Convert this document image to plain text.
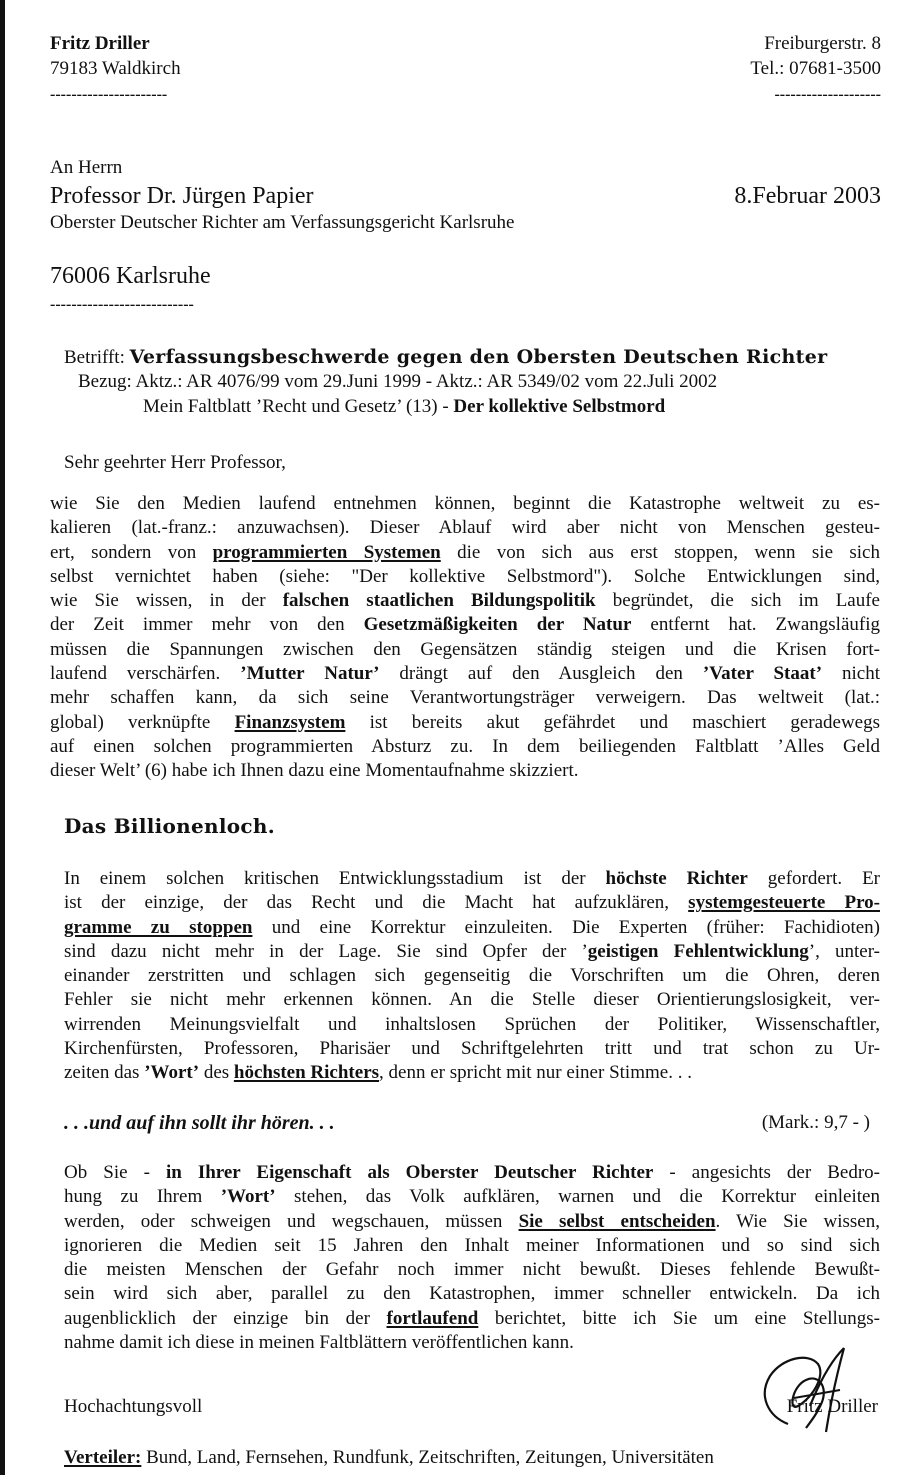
Fritz Driller
79183 Waldkirch
----------------------
Freiburgerstr. 8
Tel.: 07681-3500
--------------------
An Herrn
Professor Dr. Jürgen Papier
Oberster Deutscher Richter am Verfassungsgericht Karlsruhe
8.Februar 2003
76006 Karlsruhe
---------------------------
Betrifft: Verfassungsbeschwerde gegen den Obersten Deutschen Richter
Bezug: Aktz.: AR 4076/99 vom 29.Juni 1999 - Aktz.: AR 5349/02 vom 22.Juli 2002
Mein Faltblatt ’Recht und Gesetz’ (13) - Der kollektive Selbstmord
Sehr geehrter Herr Professor,
wie Sie den Medien laufend entnehmen können, beginnt die Katastrophe weltweit zu es-
kalieren (lat.-franz.: anzuwachsen). Dieser Ablauf wird aber nicht von Menschen gesteu-
ert, sondern von programmierten Systemen die von sich aus erst stoppen, wenn sie sich
selbst vernichtet haben (siehe: "Der kollektive Selbstmord"). Solche Entwicklungen sind,
wie Sie wissen, in der falschen staatlichen Bildungspolitik begründet, die sich im Laufe
der Zeit immer mehr von den Gesetzmäßigkeiten der Natur entfernt hat. Zwangsläufig
müssen die Spannungen zwischen den Gegensätzen ständig steigen und die Krisen fort-
laufend verschärfen. ’Mutter Natur’ drängt auf den Ausgleich den ’Vater Staat’ nicht
mehr schaffen kann, da sich seine Verantwortungsträger verweigern. Das weltweit (lat.:
global) verknüpfte Finanzsystem ist bereits akut gefährdet und maschiert geradewegs
auf einen solchen programmierten Absturz zu. In dem beiliegenden Faltblatt ’Alles Geld
dieser Welt’ (6) habe ich Ihnen dazu eine Momentaufnahme skizziert.
Das Billionenloch.
In einem solchen kritischen Entwicklungsstadium ist der höchste Richter gefordert. Er
ist der einzige, der das Recht und die Macht hat aufzuklären, systemgesteuerte Pro-
gramme zu stoppen und eine Korrektur einzuleiten. Die Experten (früher: Fachidioten)
sind dazu nicht mehr in der Lage. Sie sind Opfer der ’geistigen Fehlentwicklung’, unter-
einander zerstritten und schlagen sich gegenseitig die Vorschriften um die Ohren, deren
Fehler sie nicht mehr erkennen können. An die Stelle dieser Orientierungslosigkeit, ver-
wirrenden Meinungsvielfalt und inhaltslosen Sprüchen der Politiker, Wissenschaftler,
Kirchenfürsten, Professoren, Pharisäer und Schriftgelehrten tritt und trat schon zu Ur-
zeiten das ’Wort’ des höchsten Richters, denn er spricht mit nur einer Stimme. . .
. . .und auf ihn sollt ihr hören. . .	(Mark.: 9,7 - )
Ob Sie - in Ihrer Eigenschaft als Oberster Deutscher Richter - angesichts der Bedro-
hung zu Ihrem ’Wort’ stehen, das Volk aufklären, warnen und die Korrektur einleiten
werden, oder schweigen und wegschauen, müssen Sie selbst entscheiden. Wie Sie wissen,
ignorieren die Medien seit 15 Jahren den Inhalt meiner Informationen und so sind sich
die meisten Menschen der Gefahr noch immer nicht bewußt. Dieses fehlende Bewußt-
sein wird sich aber, parallel zu den Katastrophen, immer schneller entwickeln. Da ich
augenblicklich der einzige bin der fortlaufend berichtet, bitte ich Sie um eine Stellungs-
nahme damit ich diese in meinen Faltblättern veröffentlichen kann.
Hochachtungsvoll	Fritz Driller
Verteiler: Bund, Land, Fernsehen, Rundfunk, Zeitschriften, Zeitungen, Universitäten
